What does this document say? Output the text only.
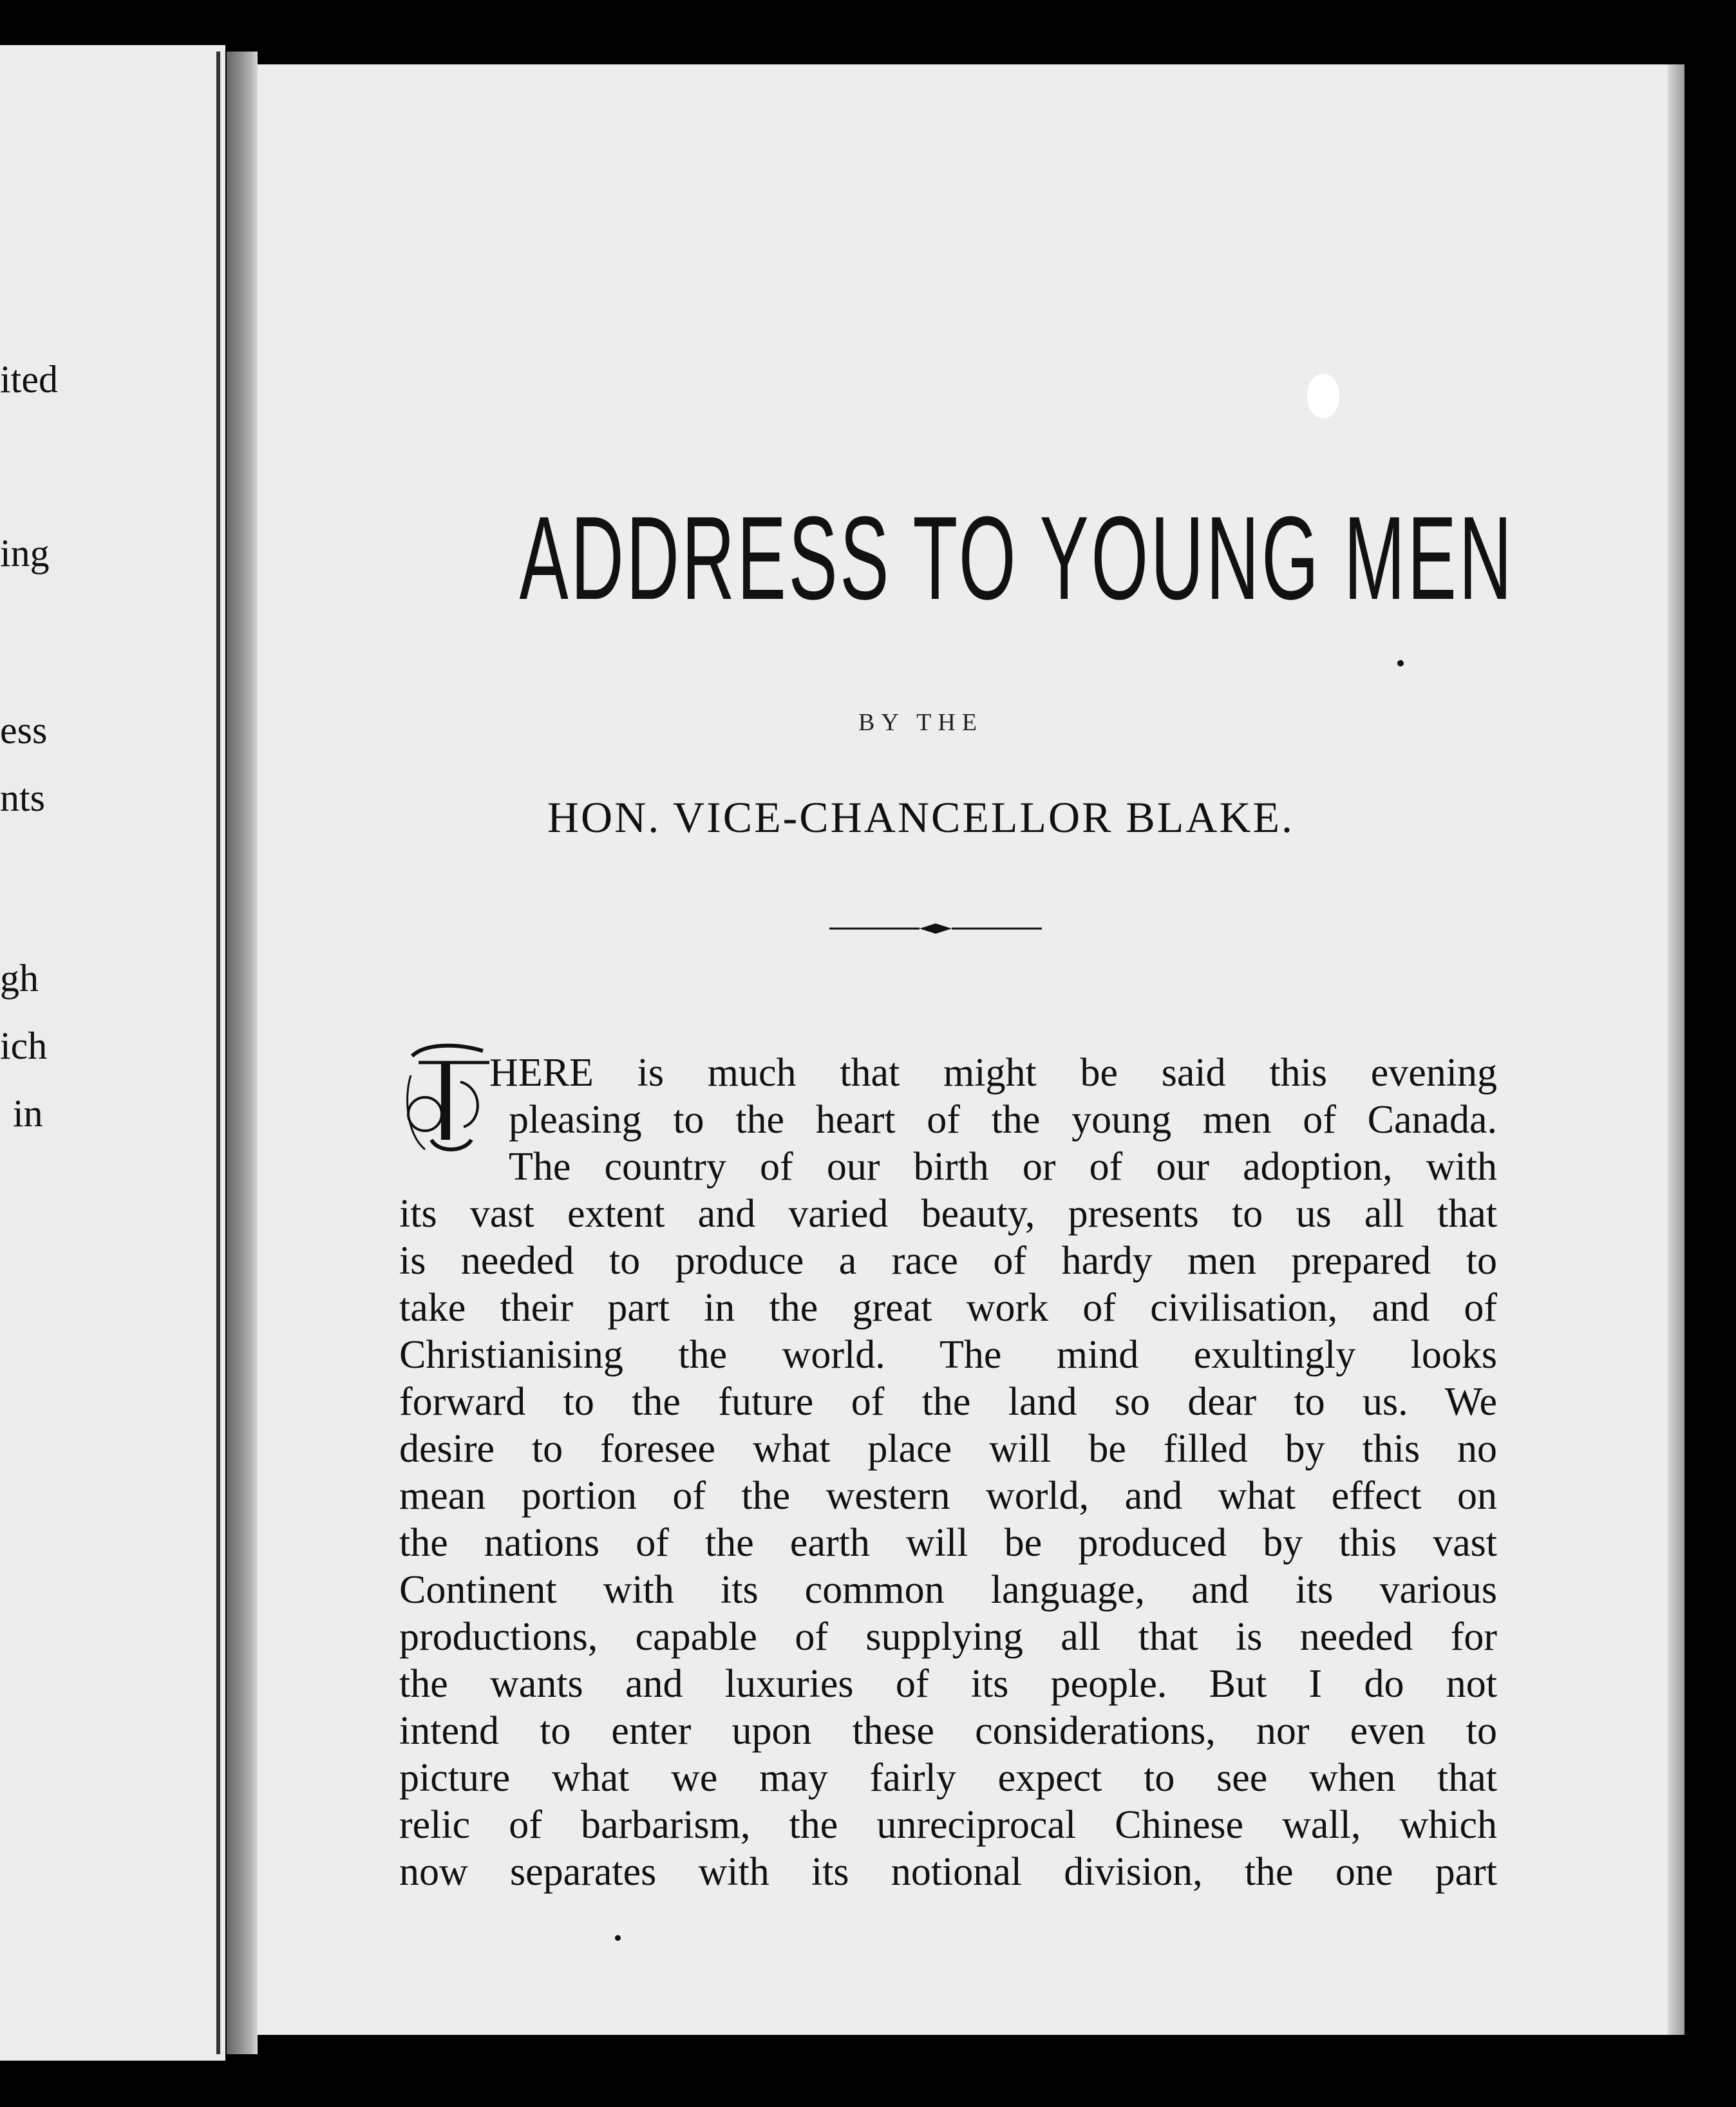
ited
ing
ess
nts
gh
ich
in
ADDRESS TO YOUNG MEN
BY THE
HON. VICE-CHANCELLOR BLAKE.
T	HERE is much that might be said this evening
pleasing to the heart of the young men of Canada.
The country of our birth or of our adoption, with
its vast extent and varied beauty, presents to us all that
is needed to produce a race of hardy men prepared to
take their part in the great work of civilisation, and of
Christianising the world. The mind exultingly looks
forward to the future of the land so dear to us. We
desire to foresee what place will be filled by this no
mean portion of the western world, and what effect on
the nations of the earth will be produced by this vast
Continent with its common language, and its various
productions, capable of supplying all that is needed for
the wants and luxuries of its people. But I do not
intend to enter upon these considerations, nor even to
picture what we may fairly expect to see when that
relic of barbarism, the unreciprocal Chinese wall, which
now separates with its notional division, the one part
